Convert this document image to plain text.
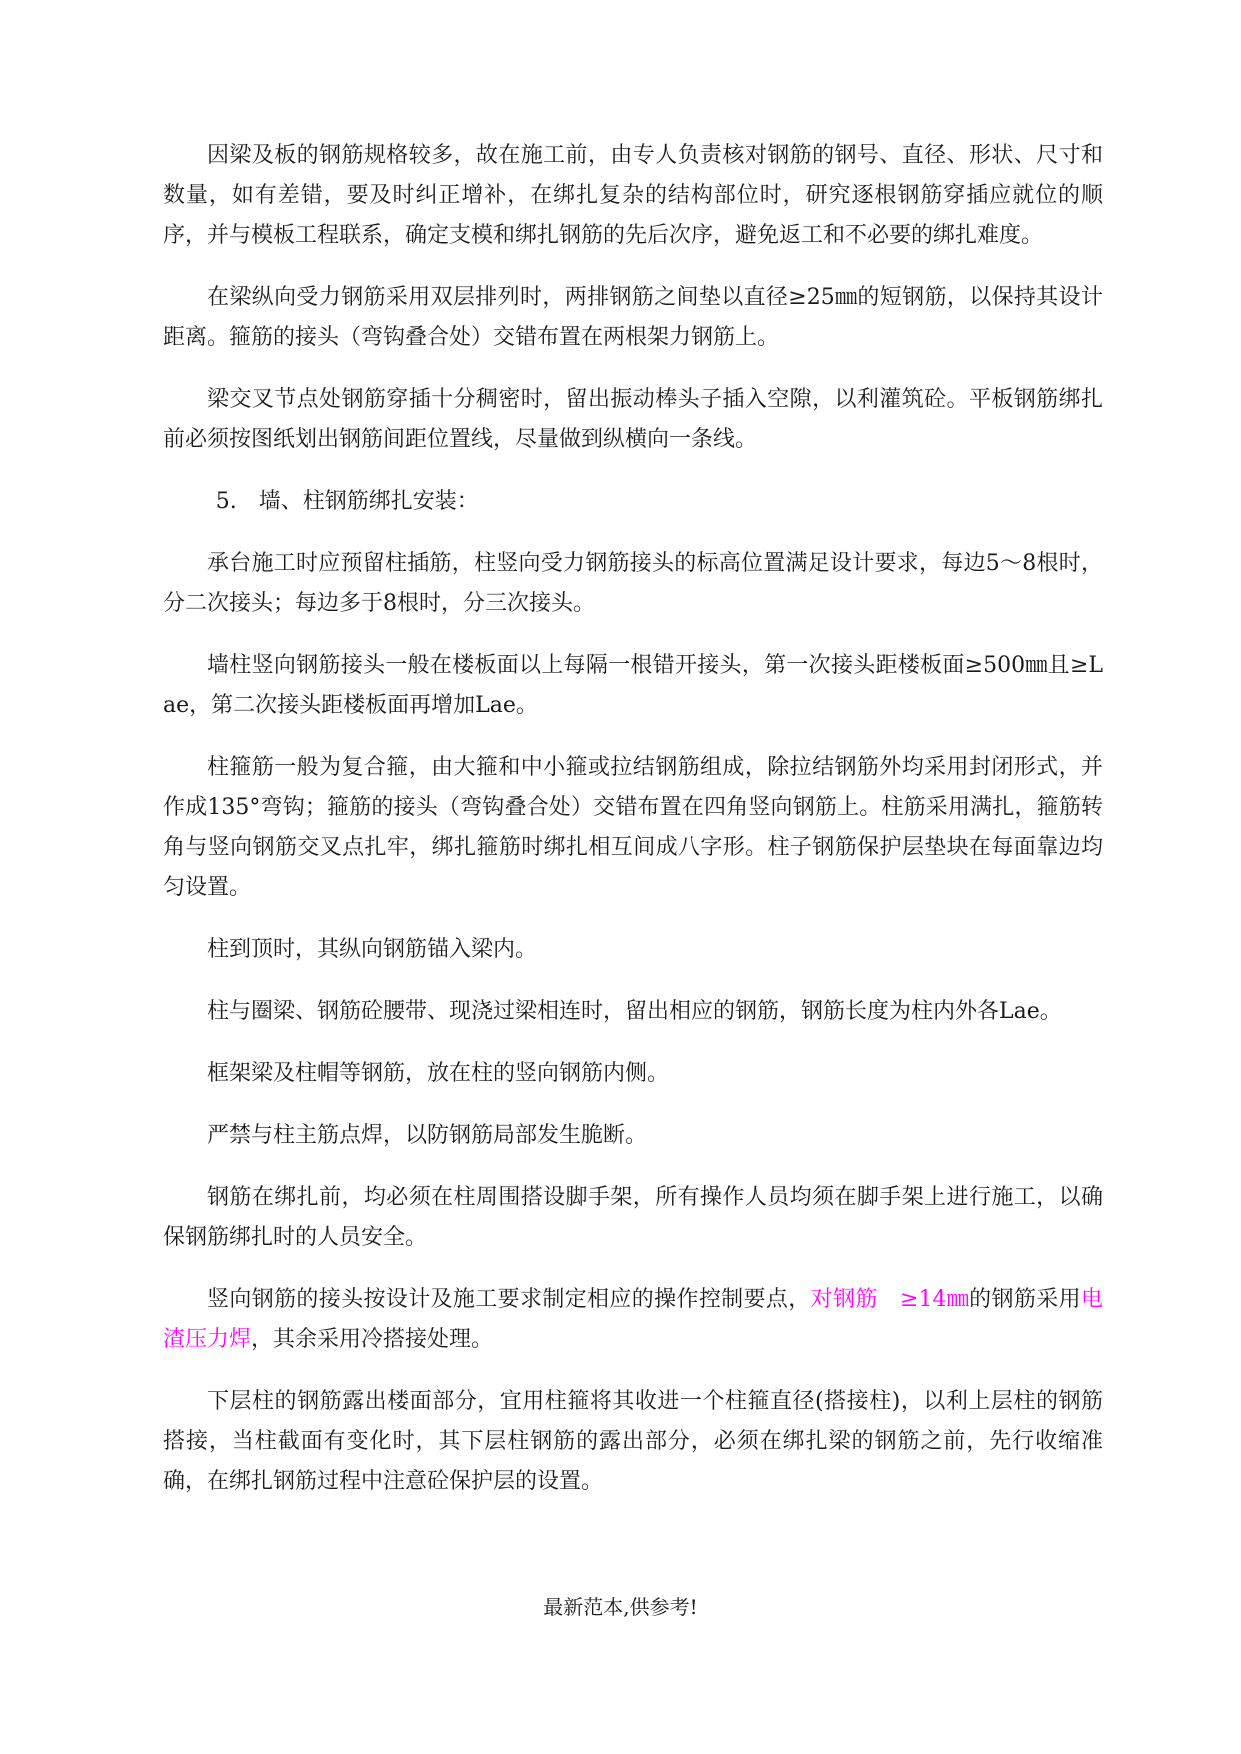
因梁及板的钢筋规格较多，故在施工前，由专人负责核对钢筋的钢号、直径、形状、尺寸和数量，如有差错，要及时纠正增补，在绑扎复杂的结构部位时，研究逐根钢筋穿插应就位的顺序，并与模板工程联系，确定支模和绑扎钢筋的先后次序，避免返工和不必要的绑扎难度。

在梁纵向受力钢筋采用双层排列时，两排钢筋之间垫以直径≥25㎜的短钢筋，以保持其设计距离。箍筋的接头（弯钩叠合处）交错布置在两根架力钢筋上。

梁交叉节点处钢筋穿插十分稠密时，留出振动棒头子插入空隙，以利灌筑砼。平板钢筋绑扎前必须按图纸划出钢筋间距位置线，尽量做到纵横向一条线。

5.　墙、柱钢筋绑扎安装：

承台施工时应预留柱插筋，柱竖向受力钢筋接头的标高位置满足设计要求，每边5～8根时，分二次接头；每边多于8根时，分三次接头。

墙柱竖向钢筋接头一般在楼板面以上每隔一根错开接头，第一次接头距楼板面≥500㎜且≥Lae，第二次接头距楼板面再增加Lae。

柱箍筋一般为复合箍，由大箍和中小箍或拉结钢筋组成，除拉结钢筋外均采用封闭形式，并作成135°弯钩；箍筋的接头（弯钩叠合处）交错布置在四角竖向钢筋上。柱筋采用满扎，箍筋转角与竖向钢筋交叉点扎牢，绑扎箍筋时绑扎相互间成八字形。柱子钢筋保护层垫块在每面靠边均匀设置。

柱到顶时，其纵向钢筋锚入梁内。

柱与圈梁、钢筋砼腰带、现浇过梁相连时，留出相应的钢筋，钢筋长度为柱内外各Lae。

框架梁及柱帽等钢筋，放在柱的竖向钢筋内侧。

严禁与柱主筋点焊，以防钢筋局部发生脆断。

钢筋在绑扎前，均必须在柱周围搭设脚手架，所有操作人员均须在脚手架上进行施工，以确保钢筋绑扎时的人员安全。

竖向钢筋的接头按设计及施工要求制定相应的操作控制要点，对钢筋　≥14㎜的钢筋采用电渣压力焊，其余采用冷搭接处理。

下层柱的钢筋露出楼面部分，宜用柱箍将其收进一个柱箍直径(搭接柱)，以利上层柱的钢筋搭接，当柱截面有变化时，其下层柱钢筋的露出部分，必须在绑扎梁的钢筋之前，先行收缩准确，在绑扎钢筋过程中注意砼保护层的设置。

最新范本,供参考!
